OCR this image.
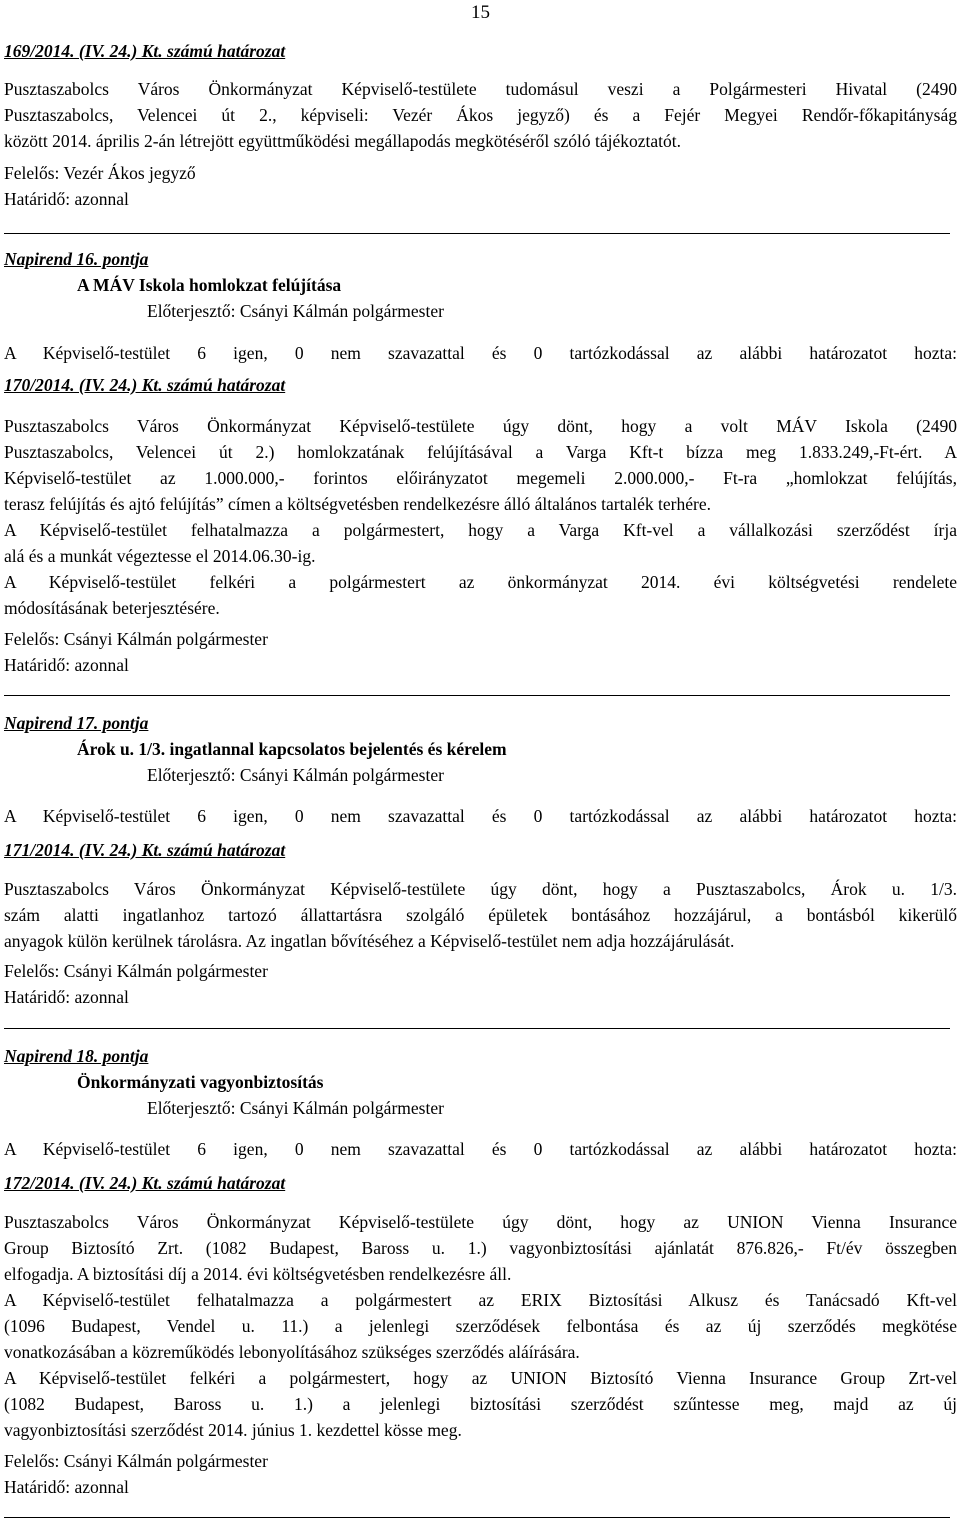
15
169/2014. (IV. 24.) Kt. számú határozat
Pusztaszabolcs Város Önkormányzat Képviselő-testülete tudomásul veszi a Polgármesteri Hivatal (2490
Pusztaszabolcs, Velencei út 2., képviseli: Vezér Ákos jegyző) és a Fejér Megyei Rendőr-főkapitányság
között 2014. április 2-án létrejött együttműködési megállapodás megkötéséről szóló tájékoztatót.
Felelős: Vezér Ákos jegyző
Határidő: azonnal
Napirend 16. pontja
A MÁV Iskola homlokzat felújítása
Előterjesztő: Csányi Kálmán polgármester
A Képviselő-testület 6 igen, 0 nem szavazattal és 0 tartózkodással az alábbi határozatot hozta:
170/2014. (IV. 24.) Kt. számú határozat
Pusztaszabolcs Város Önkormányzat Képviselő-testülete úgy dönt, hogy a volt MÁV Iskola (2490
Pusztaszabolcs, Velencei út 2.) homlokzatának felújításával a Varga Kft-t bízza meg 1.833.249,-Ft-ért. A
Képviselő-testület az 1.000.000,- forintos előirányzatot megemeli 2.000.000,- Ft-ra „homlokzat felújítás,
terasz felújítás és ajtó felújítás” címen a költségvetésben rendelkezésre álló általános tartalék terhére.
A Képviselő-testület felhatalmazza a polgármestert, hogy a Varga Kft-vel a vállalkozási szerződést írja
alá és a munkát végeztesse el 2014.06.30-ig.
A Képviselő-testület felkéri a polgármestert az önkormányzat 2014. évi költségvetési rendelete
módosításának beterjesztésére.
Felelős: Csányi Kálmán polgármester
Határidő: azonnal
Napirend 17. pontja
Árok u. 1/3. ingatlannal kapcsolatos bejelentés és kérelem
Előterjesztő: Csányi Kálmán polgármester
A Képviselő-testület 6 igen, 0 nem szavazattal és 0 tartózkodással az alábbi határozatot hozta:
171/2014. (IV. 24.) Kt. számú határozat
Pusztaszabolcs Város Önkormányzat Képviselő-testülete úgy dönt, hogy a Pusztaszabolcs, Árok u. 1/3.
szám alatti ingatlanhoz tartozó állattartásra szolgáló épületek bontásához hozzájárul, a bontásból kikerülő
anyagok külön kerülnek tárolásra. Az ingatlan bővítéséhez a Képviselő-testület nem adja hozzájárulását.
Felelős: Csányi Kálmán polgármester
Határidő: azonnal
Napirend 18. pontja
Önkormányzati vagyonbiztosítás
Előterjesztő: Csányi Kálmán polgármester
A Képviselő-testület 6 igen, 0 nem szavazattal és 0 tartózkodással az alábbi határozatot hozta:
172/2014. (IV. 24.) Kt. számú határozat
Pusztaszabolcs Város Önkormányzat Képviselő-testülete úgy dönt, hogy az UNION Vienna Insurance
Group Biztosító Zrt. (1082 Budapest, Baross u. 1.) vagyonbiztosítási ajánlatát 876.826,- Ft/év összegben
elfogadja. A biztosítási díj a 2014. évi költségvetésben rendelkezésre áll.
A Képviselő-testület felhatalmazza a polgármestert az ERIX Biztosítási Alkusz és Tanácsadó Kft-vel
(1096 Budapest, Vendel u. 11.) a jelenlegi szerződések felbontása és az új szerződés megkötése
vonatkozásában a közreműködés lebonyolításához szükséges szerződés aláírására.
A Képviselő-testület felkéri a polgármestert, hogy az UNION Biztosító Vienna Insurance Group Zrt-vel
(1082 Budapest, Baross u. 1.) a jelenlegi biztosítási szerződést szűntesse meg, majd az új
vagyonbiztosítási szerződést 2014. június 1. kezdettel kösse meg.
Felelős: Csányi Kálmán polgármester
Határidő: azonnal
